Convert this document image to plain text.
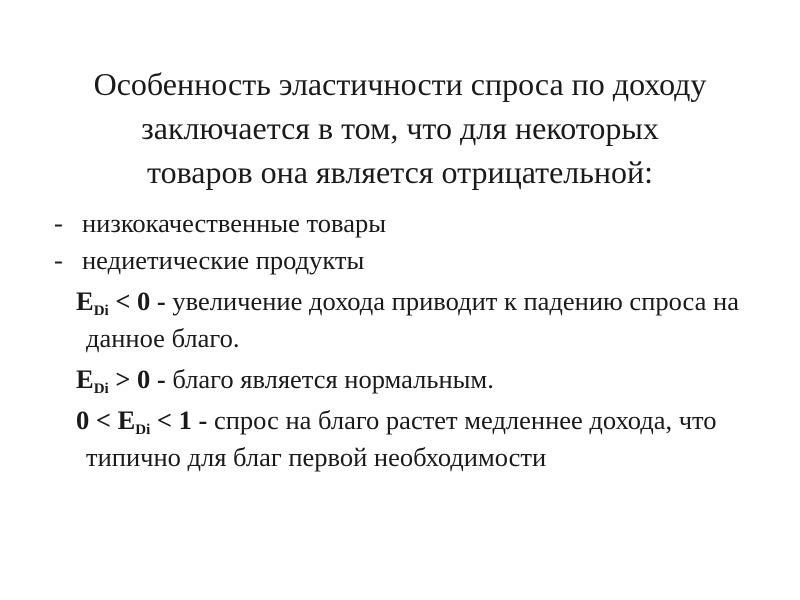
Особенность эластичности спроса по доходу
заключается в том, что для некоторых
товаров она является отрицательной:
- низкокачественные товары
- недиетические продукты
$E_{Di} < 0$ - увеличение дохода приводит к падению спроса на данное благо.
$E_{Di} > 0$ - благо является нормальным.
$0 < E_{Di} < 1$ - спрос на благо растет медленнее дохода, что типично для благ первой необходимости
